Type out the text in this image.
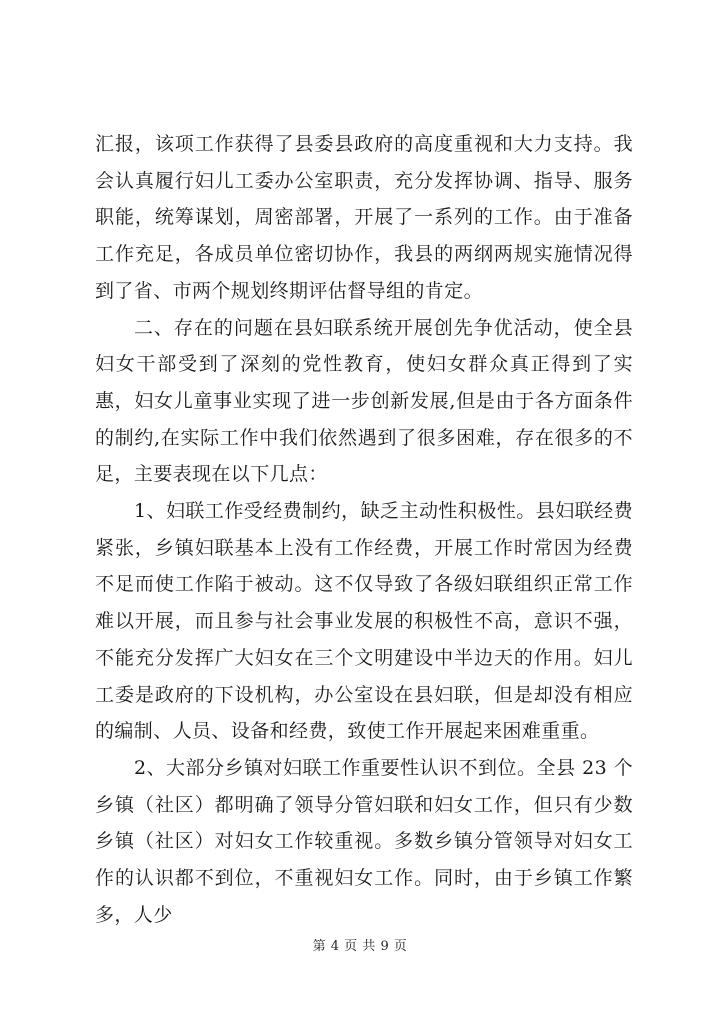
汇报，该项工作获得了县委县政府的高度重视和大力支持。我会认真履行妇儿工委办公室职责，充分发挥协调、指导、服务职能，统筹谋划，周密部署，开展了一系列的工作。由于准备工作充足，各成员单位密切协作，我县的两纲两规实施情况得到了省、市两个规划终期评估督导组的肯定。

二、存在的问题在县妇联系统开展创先争优活动，使全县妇女干部受到了深刻的党性教育，使妇女群众真正得到了实惠，妇女儿童事业实现了进一步创新发展,但是由于各方面条件的制约,在实际工作中我们依然遇到了很多困难，存在很多的不足，主要表现在以下几点：

1、妇联工作受经费制约，缺乏主动性积极性。县妇联经费紧张，乡镇妇联基本上没有工作经费，开展工作时常因为经费不足而使工作陷于被动。这不仅导致了各级妇联组织正常工作难以开展，而且参与社会事业发展的积极性不高，意识不强，不能充分发挥广大妇女在三个文明建设中半边天的作用。妇儿工委是政府的下设机构，办公室设在县妇联，但是却没有相应的编制、人员、设备和经费，致使工作开展起来困难重重。

2、大部分乡镇对妇联工作重要性认识不到位。全县 23 个乡镇（社区）都明确了领导分管妇联和妇女工作，但只有少数乡镇（社区）对妇女工作较重视。多数乡镇分管领导对妇女工作的认识都不到位，不重视妇女工作。同时，由于乡镇工作繁多，人少

第 4 页 共 9 页
